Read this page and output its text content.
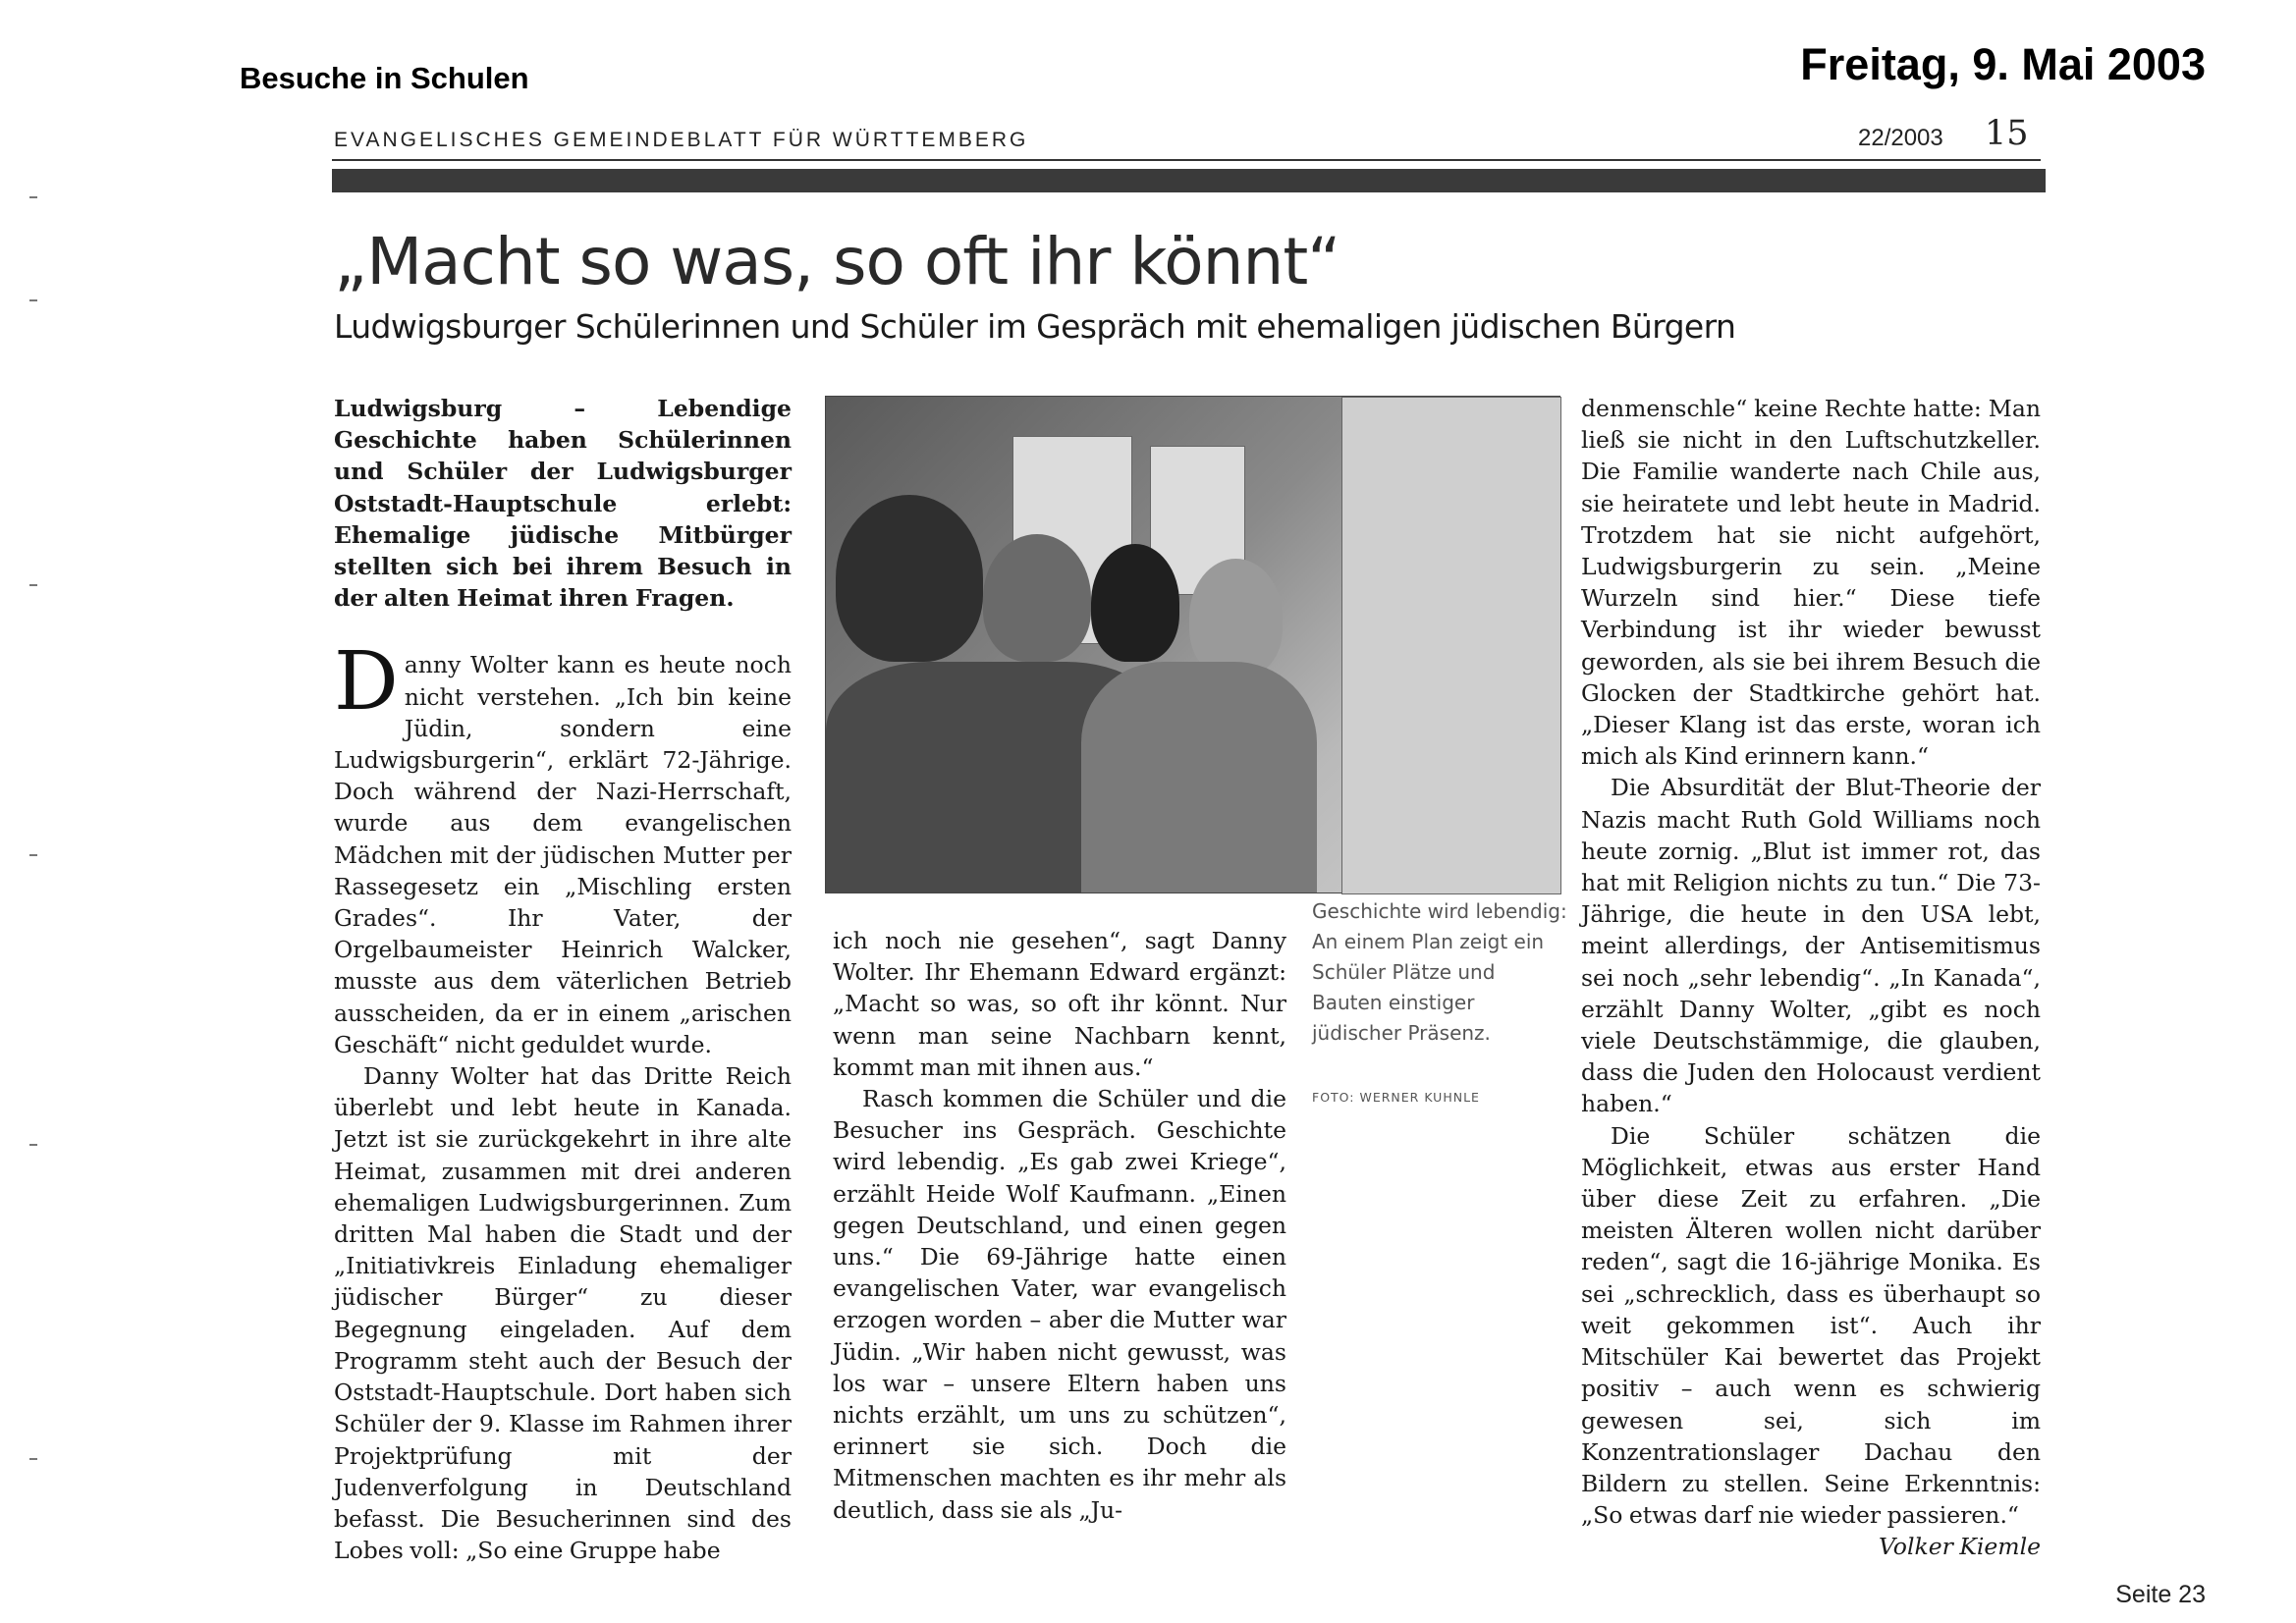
Besuche in Schulen	Freitag, 9. Mai 2003
EVANGELISCHES GEMEINDEBLATT FÜR WÜRTTEMBERG	22/2003 15
„Macht so was, so oft ihr könnt“
Ludwigsburger Schülerinnen und Schüler im Gespräch mit ehemaligen jüdischen Bürgern

Ludwigsburg – Lebendige Geschichte haben Schülerinnen und Schüler der Ludwigsburger Oststadt-Hauptschule erlebt: Ehemalige jüdische Mitbürger stellten sich bei ihrem Besuch in der alten Heimat ihren Fragen.

Danny Wolter kann es heute noch nicht verstehen. „Ich bin keine Jüdin, sondern eine Ludwigsburgerin“, erklärt 72-Jährige. Doch während der Nazi-Herrschaft, wurde aus dem evangelischen Mädchen mit der jüdischen Mutter per Rassegesetz ein „Mischling ersten Grades“. Ihr Vater, der Orgelbaumeister Heinrich Walcker, musste aus dem väterlichen Betrieb ausscheiden, da er in einem „arischen Geschäft“ nicht geduldet wurde.

Danny Wolter hat das Dritte Reich überlebt und lebt heute in Kanada. Jetzt ist sie zurückgekehrt in ihre alte Heimat, zusammen mit drei anderen ehemaligen Ludwigsburgerinnen. Zum dritten Mal haben die Stadt und der „Initiativkreis Einladung ehemaliger jüdischer Bürger“ zu dieser Begegnung eingeladen. Auf dem Programm steht auch der Besuch der Oststadt-Hauptschule. Dort haben sich Schüler der 9. Klasse im Rahmen ihrer Projektprüfung mit der Judenverfolgung in Deutschland befasst. Die Besucherinnen sind des Lobes voll: „So eine Gruppe habe

Geschichte wird lebendig: An einem Plan zeigt ein Schüler Plätze und Bauten einstiger jüdischer Präsenz.
FOTO: WERNER KUHNLE

ich noch nie gesehen“, sagt Danny Wolter. Ihr Ehemann Edward ergänzt: „Macht so was, so oft ihr könnt. Nur wenn man seine Nachbarn kennt, kommt man mit ihnen aus.“

Rasch kommen die Schüler und die Besucher ins Gespräch. Geschichte wird lebendig. „Es gab zwei Kriege“, erzählt Heide Wolf Kaufmann. „Einen gegen Deutschland, und einen gegen uns.“ Die 69-Jährige hatte einen evangelischen Vater, war evangelisch erzogen worden – aber die Mutter war Jüdin. „Wir haben nicht gewusst, was los war – unsere Eltern haben uns nichts erzählt, um uns zu schützen“, erinnert sie sich. Doch die Mitmenschen machten es ihr mehr als deutlich, dass sie als „Ju-

denmenschle“ keine Rechte hatte: Man ließ sie nicht in den Luftschutzkeller. Die Familie wanderte nach Chile aus, sie heiratete und lebt heute in Madrid. Trotzdem hat sie nicht aufgehört, Ludwigsburgerin zu sein. „Meine Wurzeln sind hier.“ Diese tiefe Verbindung ist ihr wieder bewusst geworden, als sie bei ihrem Besuch die Glocken der Stadtkirche gehört hat. „Dieser Klang ist das erste, woran ich mich als Kind erinnern kann.“

Die Absurdität der Blut-Theorie der Nazis macht Ruth Gold Williams noch heute zornig. „Blut ist immer rot, das hat mit Religion nichts zu tun.“ Die 73-Jährige, die heute in den USA lebt, meint allerdings, der Antisemitismus sei noch „sehr lebendig“. „In Kanada“, erzählt Danny Wolter, „gibt es noch viele Deutschstämmige, die glauben, dass die Juden den Holocaust verdient haben.“

Die Schüler schätzen die Möglichkeit, etwas aus erster Hand über diese Zeit zu erfahren. „Die meisten Älteren wollen nicht darüber reden“, sagt die 16-jährige Monika. Es sei „schrecklich, dass es überhaupt so weit gekommen ist“. Auch ihr Mitschüler Kai bewertet das Projekt positiv – auch wenn es schwierig gewesen sei, sich im Konzentrationslager Dachau den Bildern zu stellen. Seine Erkenntnis: „So etwas darf nie wieder passieren.“
Volker Kiemle

Seite 23
